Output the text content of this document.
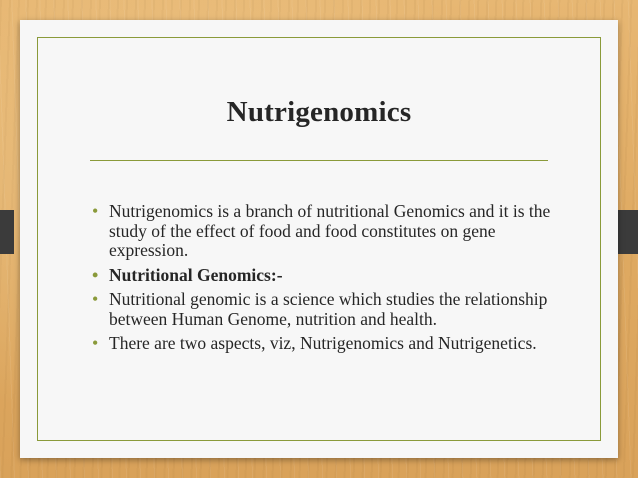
Nutrigenomics
• Nutrigenomics is a branch of nutritional Genomics and it is the study of the effect of food and food constitutes on gene expression.
• Nutritional Genomics:-
• Nutritional genomic is a science which studies the relationship between Human Genome, nutrition and health.
• There are two aspects, viz, Nutrigenomics and Nutrigenetics.
